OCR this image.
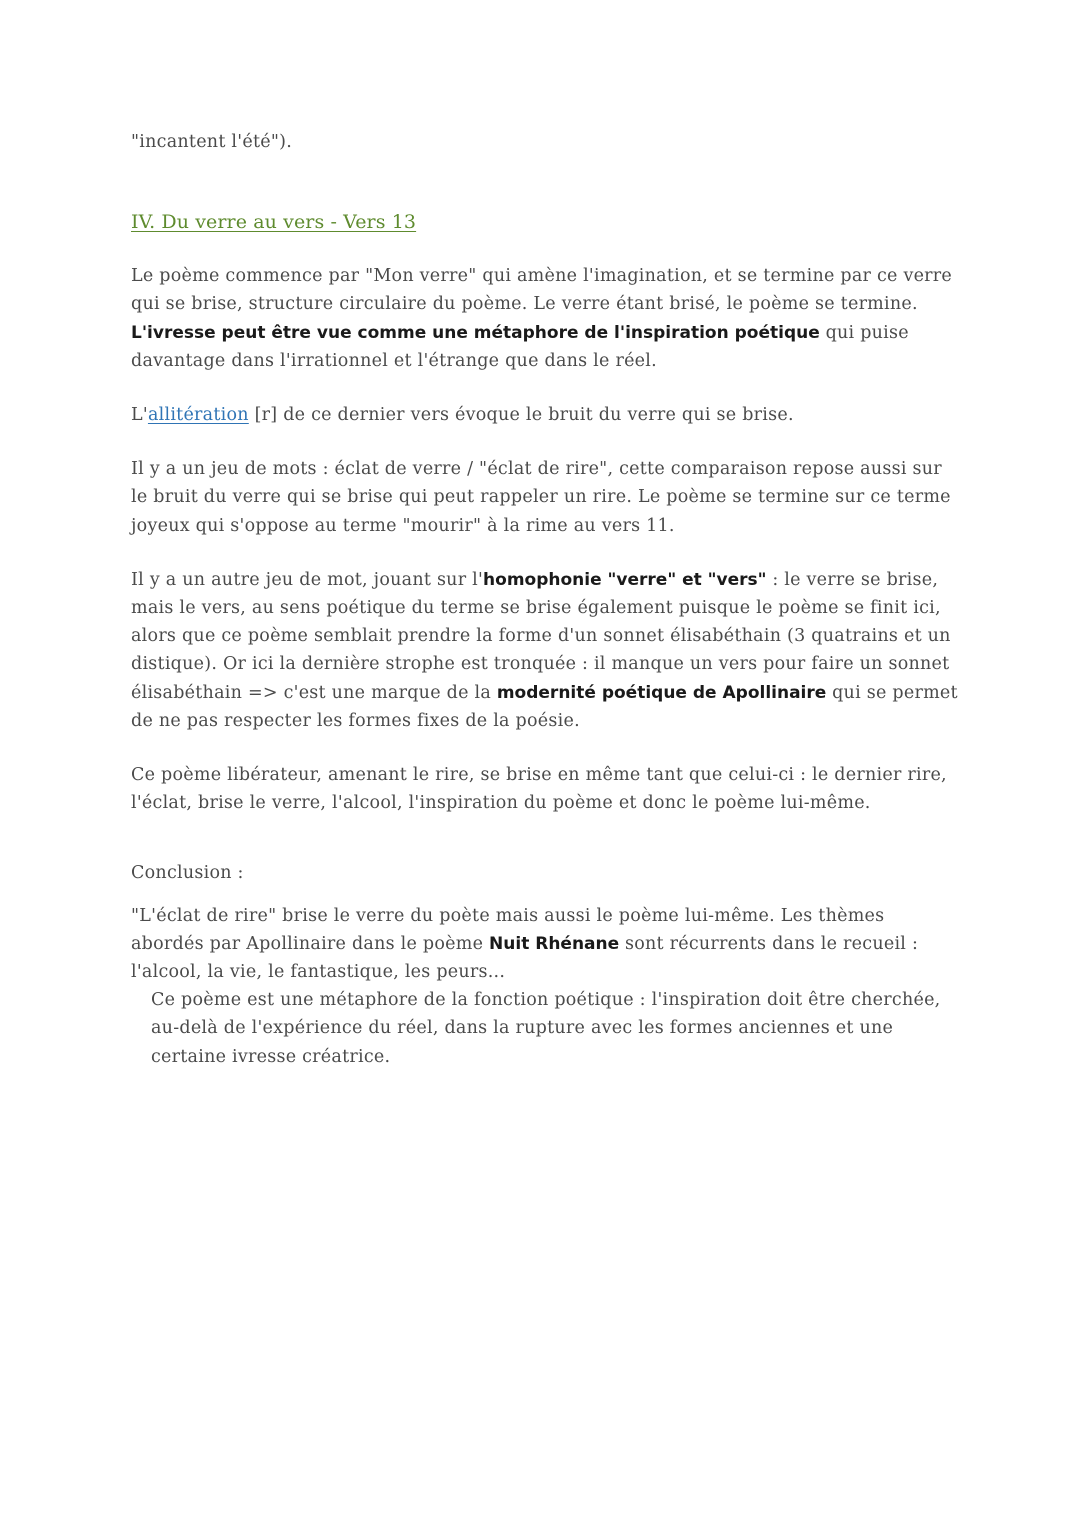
"incantent l'été").

IV. Du verre au vers - Vers 13

Le poème commence par "Mon verre" qui amène l'imagination, et se termine par ce verre qui se brise, structure circulaire du poème. Le verre étant brisé, le poème se termine. L'ivresse peut être vue comme une métaphore de l'inspiration poétique qui puise davantage dans l'irrationnel et l'étrange que dans le réel.

L'allitération [r] de ce dernier vers évoque le bruit du verre qui se brise.

Il y a un jeu de mots : éclat de verre / "éclat de rire", cette comparaison repose aussi sur le bruit du verre qui se brise qui peut rappeler un rire. Le poème se termine sur ce terme joyeux qui s'oppose au terme "mourir" à la rime au vers 11.

Il y a un autre jeu de mot, jouant sur l'homophonie "verre" et "vers" : le verre se brise, mais le vers, au sens poétique du terme se brise également puisque le poème se finit ici, alors que ce poème semblait prendre la forme d'un sonnet élisabéthain (3 quatrains et un distique). Or ici la dernière strophe est tronquée : il manque un vers pour faire un sonnet élisabéthain => c'est une marque de la modernité poétique de Apollinaire qui se permet de ne pas respecter les formes fixes de la poésie.

Ce poème libérateur, amenant le rire, se brise en même tant que celui-ci : le dernier rire, l'éclat, brise le verre, l'alcool, l'inspiration du poème et donc le poème lui-même.

Conclusion :

"L'éclat de rire" brise le verre du poète mais aussi le poème lui-même. Les thèmes abordés par Apollinaire dans le poème Nuit Rhénane sont récurrents dans le recueil : l'alcool, la vie, le fantastique, les peurs...

Ce poème est une métaphore de la fonction poétique : l'inspiration doit être cherchée, au-delà de l'expérience du réel, dans la rupture avec les formes anciennes et une certaine ivresse créatrice.
